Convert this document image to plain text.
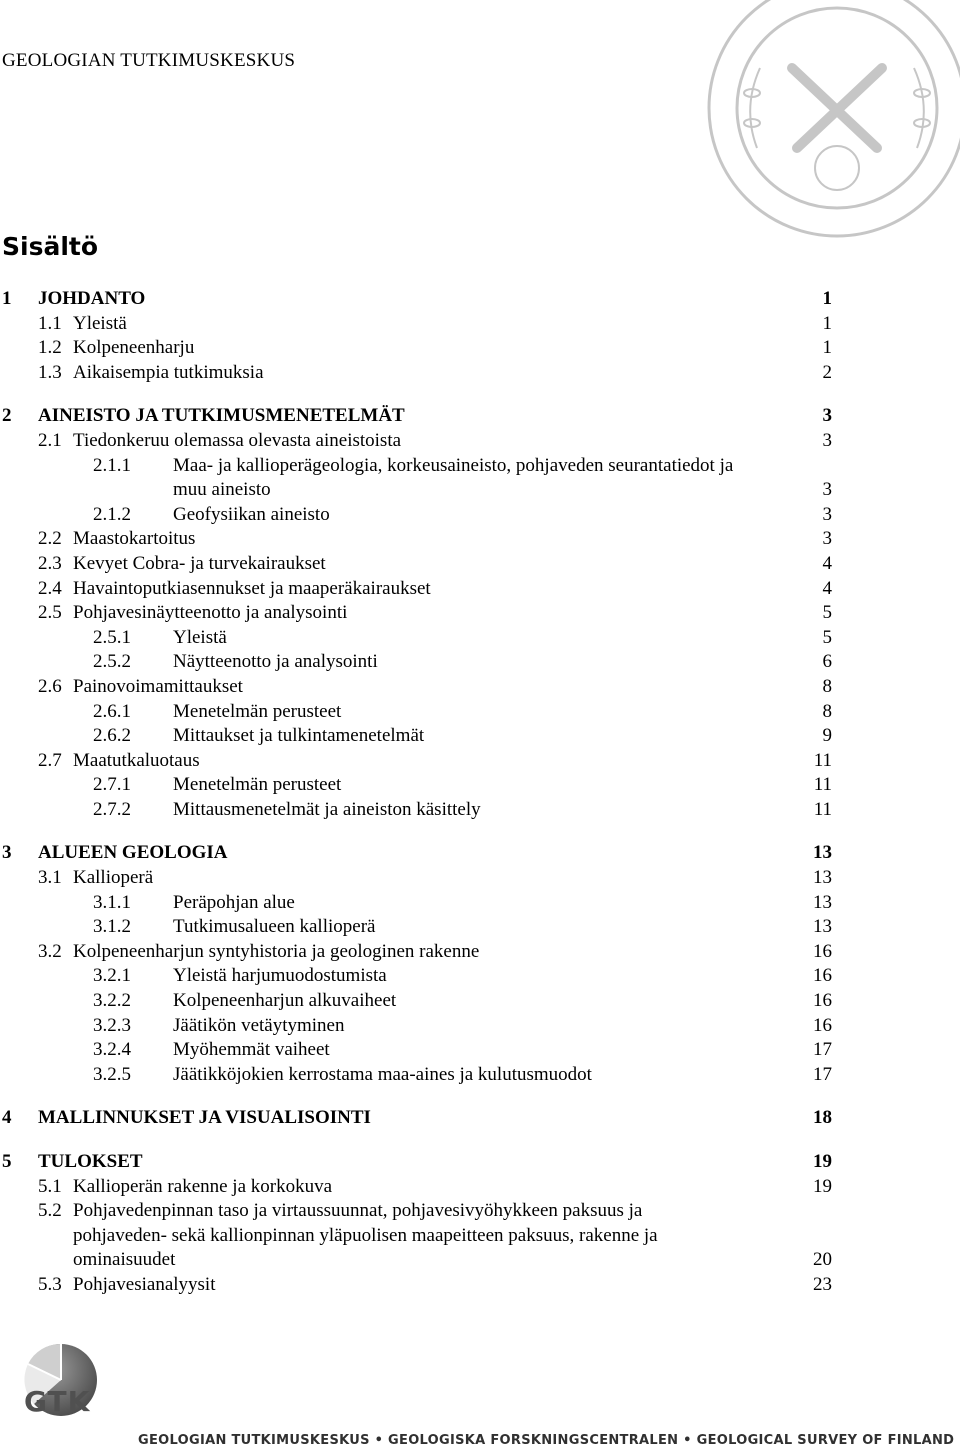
GEOLOGIAN TUTKIMUSKESKUS
Sisältö
1 JOHDANTO	1
1.1 Yleistä	1
1.2 Kolpeneenharju	1
1.3 Aikaisempia tutkimuksia	2
2 AINEISTO JA TUTKIMUSMENETELMÄT	3
2.1 Tiedonkeruu olemassa olevasta aineistoista	3
2.1.1 Maa- ja kallioperägeologia, korkeusaineisto, pohjaveden seurantatiedot ja
muu aineisto	3
2.1.2 Geofysiikan aineisto	3
2.2 Maastokartoitus	3
2.3 Kevyet Cobra- ja turvekairaukset	4
2.4 Havaintoputkiasennukset ja maaperäkairaukset	4
2.5 Pohjavesinäytteenotto ja analysointi	5
2.5.1 Yleistä	5
2.5.2 Näytteenotto ja analysointi	6
2.6 Painovoimamittaukset	8
2.6.1 Menetelmän perusteet	8
2.6.2 Mittaukset ja tulkintamenetelmät	9
2.7 Maatutkaluotaus	11
2.7.1 Menetelmän perusteet	11
2.7.2 Mittausmenetelmät ja aineiston käsittely	11
3 ALUEEN GEOLOGIA	13
3.1 Kallioperä	13
3.1.1 Peräpohjan alue	13
3.1.2 Tutkimusalueen kallioperä	13
3.2 Kolpeneenharjun syntyhistoria ja geologinen rakenne	16
3.2.1 Yleistä harjumuodostumista	16
3.2.2 Kolpeneenharjun alkuvaiheet	16
3.2.3 Jäätikön vetäytyminen	16
3.2.4 Myöhemmät vaiheet	17
3.2.5 Jäätikköjokien kerrostama maa-aines ja kulutusmuodot	17
4 MALLINNUKSET JA VISUALISOINTI	18
5 TULOKSET	19
5.1 Kallioperän rakenne ja korkokuva	19
5.2 Pohjavedenpinnan taso ja virtaussuunnat, pohjavesivyöhykkeen paksuus ja
pohjaveden- sekä kallionpinnan yläpuolisen maapeitteen paksuus, rakenne ja
ominaisuudet	20
5.3 Pohjavesianalyysit	23
GTK
GEOLOGIAN TUTKIMUSKESKUS • GEOLOGISKA FORSKNINGSCENTRALEN • GEOLOGICAL SURVEY OF FINLAND
